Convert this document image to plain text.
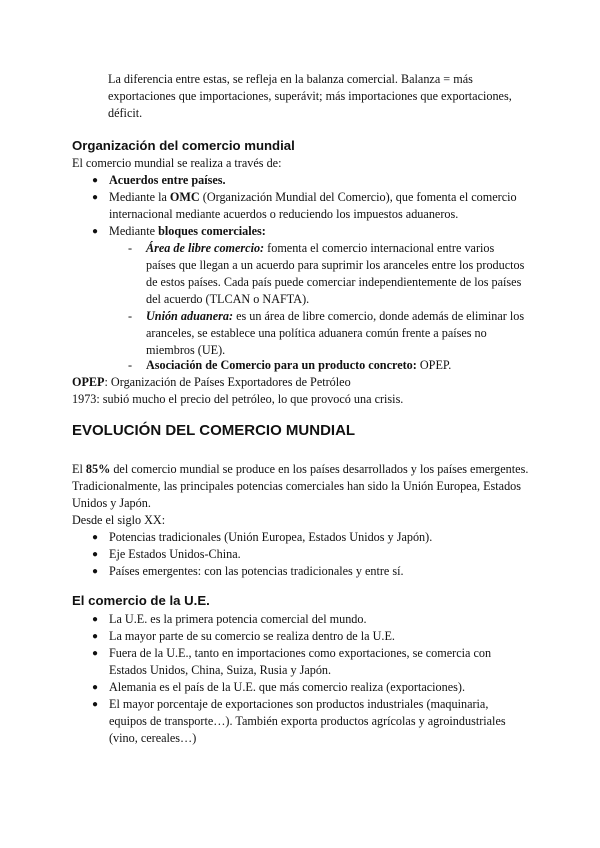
La diferencia entre estas, se refleja en la balanza comercial. Balanza = más exportaciones que importaciones, superávit; más importaciones que exportaciones, déficit.
Organización del comercio mundial
El comercio mundial se realiza a través de:
● Acuerdos entre países.
● Mediante la OMC (Organización Mundial del Comercio), que fomenta el comercio internacional mediante acuerdos o reduciendo los impuestos aduaneros.
● Mediante bloques comerciales:
- Área de libre comercio: fomenta el comercio internacional entre varios países que llegan a un acuerdo para suprimir los aranceles entre los productos de estos países. Cada país puede comerciar independientemente de los países del acuerdo (TLCAN o NAFTA).
- Unión aduanera: es un área de libre comercio, donde además de eliminar los aranceles, se establece una política aduanera común frente a países no miembros (UE).
- Asociación de Comercio para un producto concreto: OPEP.
OPEP: Organización de Países Exportadores de Petróleo
1973: subió mucho el precio del petróleo, lo que provocó una crisis.
EVOLUCIÓN DEL COMERCIO MUNDIAL
El 85% del comercio mundial se produce en los países desarrollados y los países emergentes. Tradicionalmente, las principales potencias comerciales han sido la Unión Europea, Estados Unidos y Japón.
Desde el siglo XX:
● Potencias tradicionales (Unión Europea, Estados Unidos y Japón).
● Eje Estados Unidos-China.
● Países emergentes: con las potencias tradicionales y entre sí.
El comercio de la U.E.
● La U.E. es la primera potencia comercial del mundo.
● La mayor parte de su comercio se realiza dentro de la U.E.
● Fuera de la U.E., tanto en importaciones como exportaciones, se comercia con Estados Unidos, China, Suiza, Rusia y Japón.
● Alemania es el país de la U.E. que más comercio realiza (exportaciones).
● El mayor porcentaje de exportaciones son productos industriales (maquinaria, equipos de transporte…). También exporta productos agrícolas y agroindustriales (vino, cereales…)
